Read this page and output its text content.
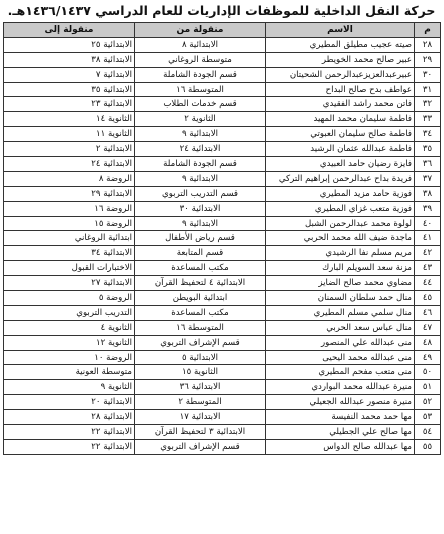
حركة النقل الداخلية للموظفات الإداريات للعام الدراسي ١٤٣٦/١٤٣٧هـ.
م	الاسم	منقولة من	منقولة إلى
٢٨	صيته عجيب مطيلق المطيري	الابتدائية ٨	الابتدائية ٢٥
٢٩	عبير صالح محمد الخويطر	متوسطة الروغاني	الابتدائية ٣٨
٣٠	عبيرعبدالعزيزعبدالرحمن الشحيتان	قسم الجودة الشاملة	الابتدائية ٧
٣١	عواطف بدح صالح البداح	المتوسطة ١٦	الابتدائية ٣٥
٣٢	فاتن محمد راشد الفقيدي	قسم خدمات الطلاب	الابتدائية ٢٣
٣٣	فاطمة سليمان محمد المهيد	الثانوية ٢	الثانوية ١٤
٣٤	فاطمة صالح سليمان العبوتي	الابتدائية ٩	الثانوية ١١
٣٥	فاطمة عبدالله عثمان الرشيد	الابتدائية ٢٤	الابتدائية ٢
٣٦	فايزة رضيان حامد العبيدي	قسم الجودة الشاملة	الابتدائية ٢٤
٣٧	فريدة بداح عبدالرحمن إبراهيم التركي	الابتدائية ٩	الروضة ٨
٣٨	فوزية حامد مزيد المطيري	قسم التدريب التربوي	الابتدائية ٢٩
٣٩	فوزية متعب غزاي المطيري	الابتدائية ٣٠	الروضة ١٦
٤٠	لولوة محمد عبدالرحمن الشبل	الابتدائية ٩	الروضة ١٥
٤١	ماجدة ضيف الله محمد الحربي	قسم رياض الأطفال	ابتدائية الروغاني
٤٢	مريم مسلم نفا الرشيدي	قسم المتابعة	الابتدائية ٣٤
٤٣	مزنة سعد السويلم البارك	مكتب المساعدة	الاختبارات القبول
٤٤	مضاوي محمد صالح الضايز	الابتدائية ٤ لتحفيظ القرآن	الابتدائية ٢٧
٤٥	منال حمد سلطان السمنان	ابتدائية البويطن	الروضة ٥
٤٦	منال سلمي مسلم المطيري	مكتب المساعدة	التدريب التربوي
٤٧	منال عباس سعد الحربي	المتوسطة ١٦	الثانوية ٤
٤٨	منى عبدالله علي المنصور	قسم الإشراف التربوي	الثانوية ١٢
٤٩	منى عبدالله محمد اليحيى	الابتدائية ٥	الروضة ١٠
٥٠	منى متعب مفحم المطيري	الثانوية ١٥	متوسطة العونية
٥١	منيرة عبدالله محمد البواردي	الابتدائية ٣٦	الثانوية ٩
٥٢	منيرة منصور عبدالله الجعيلي	المتوسطة ٢	الابتدائية ٢٠
٥٣	مها حمد محمد النفيسة	الابتدائية ١٧	الابتدائية ٢٨
٥٤	مها صالح علي الجطيلي	الابتدائية ٣ لتحفيظ القرآن	الابتدائية ٢٢
٥٥	مها عبدالله صالح الدواس	قسم الإشراف التربوي	الابتدائية ٢٢
